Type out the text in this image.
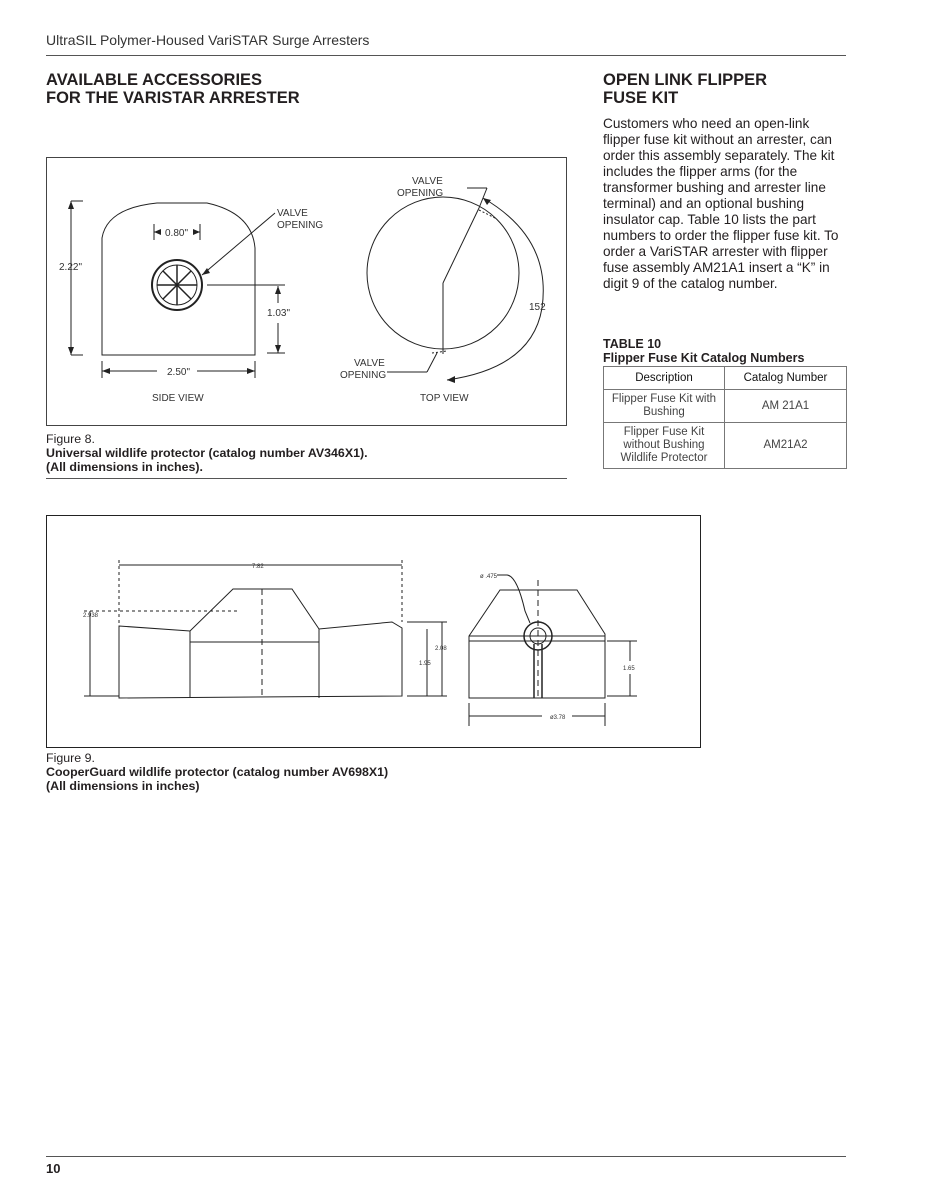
UltraSIL Polymer-Housed VariSTAR Surge Arresters
AVAILABLE ACCESSORIES
FOR THE VARISTAR ARRESTER
VALVE
OPENING
0.80"
2.22"
1.03"
2.50"
SIDE VIEW
VALVE
OPENING
152
VALVE
OPENING
TOP VIEW
Figure 8.
Universal wildlife protector (catalog number AV346X1).
(All dimensions in inches).
OPEN LINK FLIPPER
FUSE KIT
Customers who need an open-link flipper fuse kit without an arrester, can order this assembly separately. The kit includes the flipper arms (for the transformer bushing and arrester line terminal) and an optional bushing insulator cap. Table 10 lists the part numbers to order the flipper fuse kit. To order a VariSTAR arrester with flipper fuse assembly AM21A1 insert a “K” in digit 9 of the catalog number.
TABLE 10
Flipper Fuse Kit Catalog Numbers
Description	Catalog Number
Flipper Fuse Kit with Bushing	AM 21A1
Flipper Fuse Kit without Bushing Wildlife Protector	AM21A2
7.82
2.938
2.08
1.95
ø .475
1.65
ø3.78
Figure 9.
CooperGuard wildlife protector (catalog number AV698X1)
(All dimensions in inches)
10
